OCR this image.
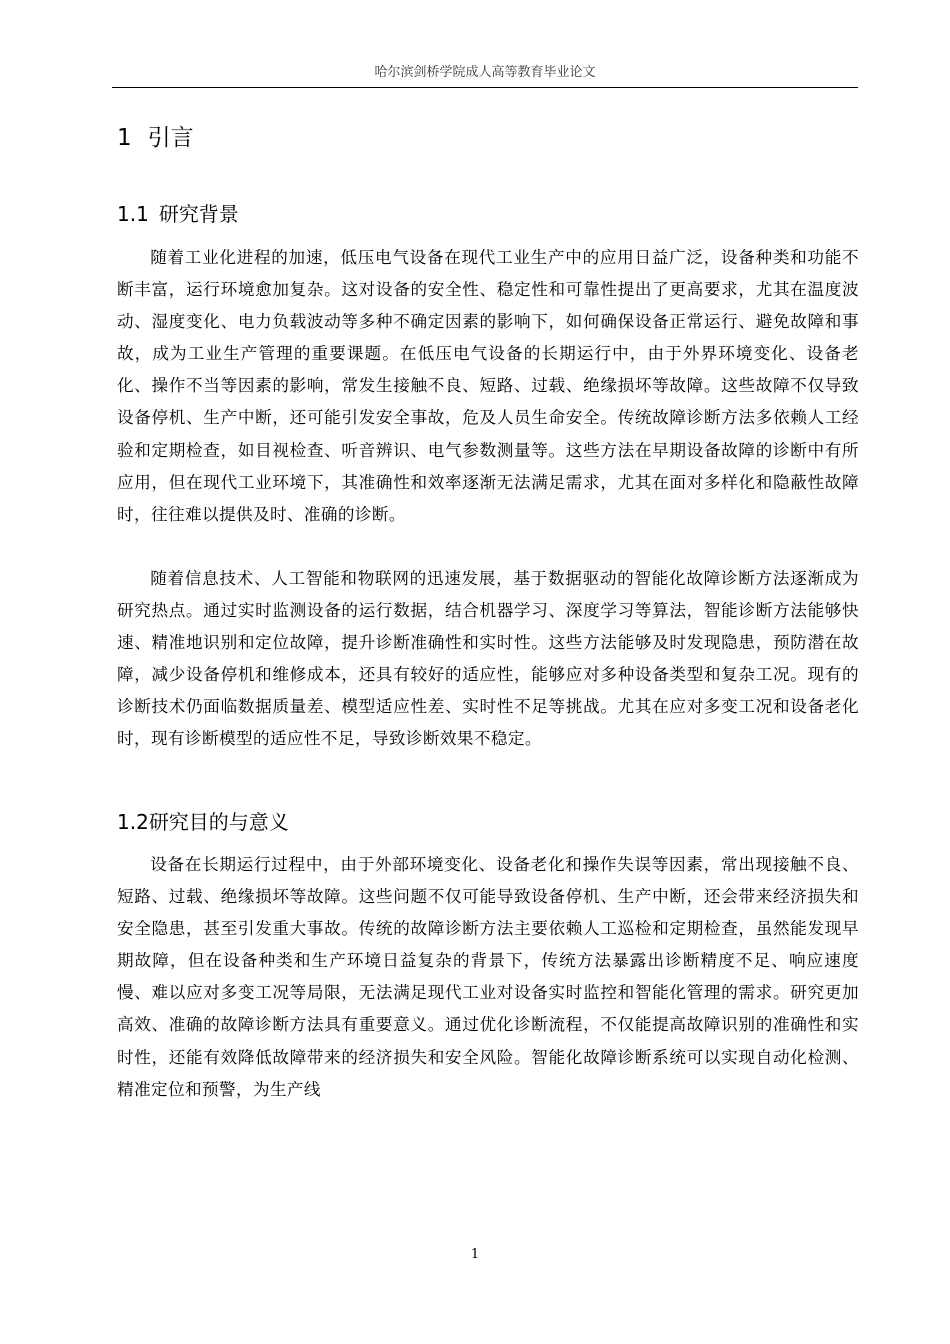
哈尔滨剑桥学院成人高等教育毕业论文
1 引言
1.1 研究背景

随着工业化进程的加速，低压电气设备在现代工业生产中的应用日益广泛，设备种类和功能不断丰富，运行环境愈加复杂。这对设备的安全性、稳定性和可靠性提出了更高要求，尤其在温度波动、湿度变化、电力负载波动等多种不确定因素的影响下，如何确保设备正常运行、避免故障和事故，成为工业生产管理的重要课题。在低压电气设备的长期运行中，由于外界环境变化、设备老化、操作不当等因素的影响，常发生接触不良、短路、过载、绝缘损坏等故障。这些故障不仅导致设备停机、生产中断，还可能引发安全事故，危及人员生命安全。传统故障诊断方法多依赖人工经验和定期检查，如目视检查、听音辨识、电气参数测量等。这些方法在早期设备故障的诊断中有所应用，但在现代工业环境下，其准确性和效率逐渐无法满足需求，尤其在面对多样化和隐蔽性故障时，往往难以提供及时、准确的诊断。

随着信息技术、人工智能和物联网的迅速发展，基于数据驱动的智能化故障诊断方法逐渐成为研究热点。通过实时监测设备的运行数据，结合机器学习、深度学习等算法，智能诊断方法能够快速、精准地识别和定位故障，提升诊断准确性和实时性。这些方法能够及时发现隐患，预防潜在故障，减少设备停机和维修成本，还具有较好的适应性，能够应对多种设备类型和复杂工况。现有的诊断技术仍面临数据质量差、模型适应性差、实时性不足等挑战。尤其在应对多变工况和设备老化时，现有诊断模型的适应性不足，导致诊断效果不稳定。

1.2研究目的与意义

设备在长期运行过程中，由于外部环境变化、设备老化和操作失误等因素，常出现接触不良、短路、过载、绝缘损坏等故障。这些问题不仅可能导致设备停机、生产中断，还会带来经济损失和安全隐患，甚至引发重大事故。传统的故障诊断方法主要依赖人工巡检和定期检查，虽然能发现早期故障，但在设备种类和生产环境日益复杂的背景下，传统方法暴露出诊断精度不足、响应速度慢、难以应对多变工况等局限，无法满足现代工业对设备实时监控和智能化管理的需求。研究更加高效、准确的故障诊断方法具有重要意义。通过优化诊断流程，不仅能提高故障识别的准确性和实时性，还能有效降低故障带来的经济损失和安全风险。智能化故障诊断系统可以实现自动化检测、精准定位和预警，为生产线

1
